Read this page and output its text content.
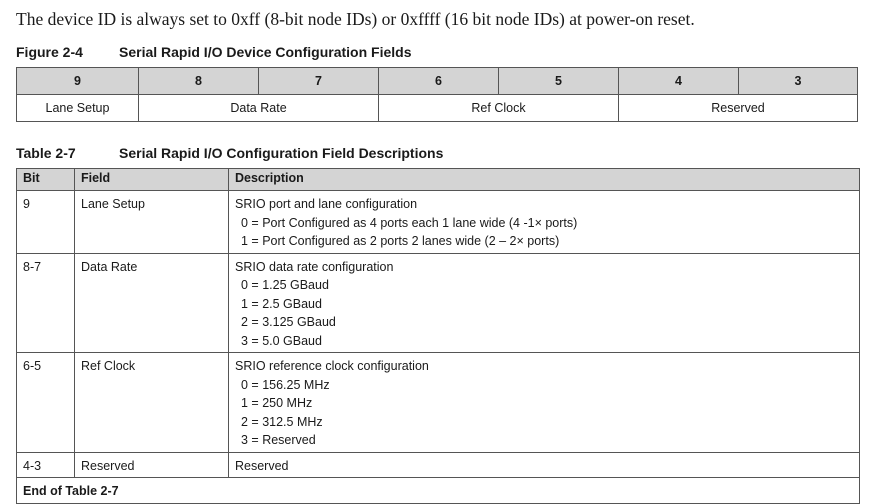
The device ID is always set to 0xff (8-bit node IDs) or 0xffff (16 bit node IDs) at power-on reset.
Figure 2-4	Serial Rapid I/O Device Configuration Fields
9	8	7	6	5	4	3
Lane Setup	Data Rate		Ref Clock		Reserved	
Table 2-7	Serial Rapid I/O Configuration Field Descriptions
Bit	Field	Description
9	Lane Setup	SRIO port and lane configuration
0 = Port Configured as 4 ports each 1 lane wide (4 -1× ports)
1 = Port Configured as 2 ports 2 lanes wide (2 – 2× ports)

8-7	Data Rate	SRIO data rate configuration
0 = 1.25 GBaud
1 = 2.5 GBaud
2 = 3.125 GBaud
3 = 5.0 GBaud

6-5	Ref Clock	SRIO reference clock configuration
0 = 156.25 MHz
1 = 250 MHz
2 = 312.5 MHz
3 = Reserved

4-3	Reserved	Reserved

End of Table 2-7		
